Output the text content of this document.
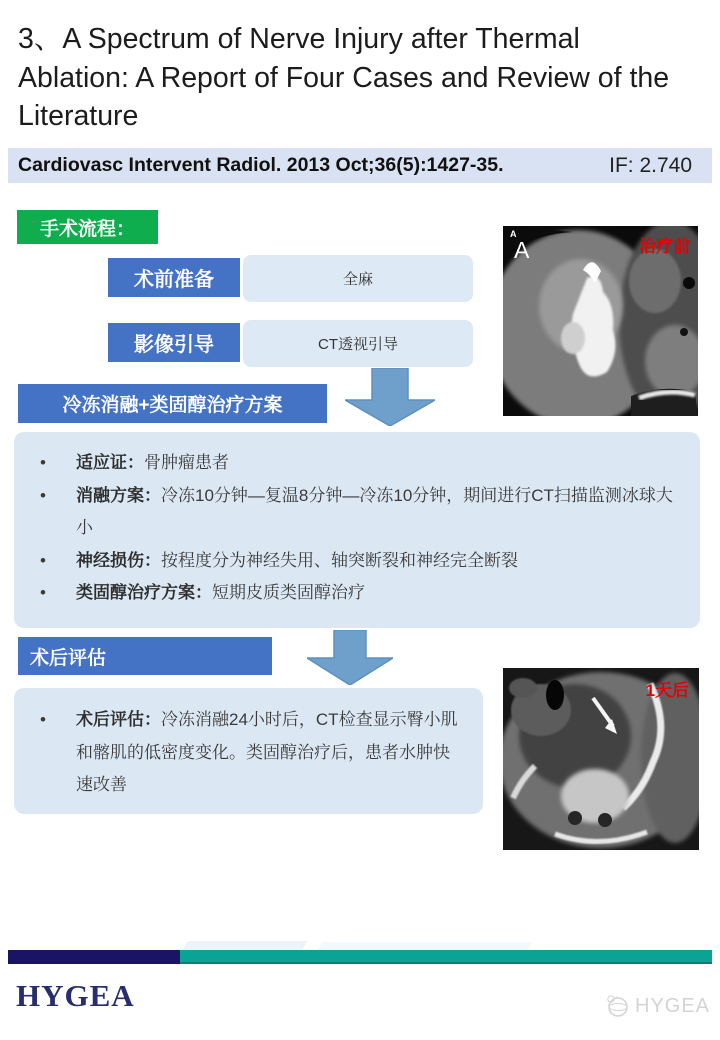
3、A Spectrum of Nerve Injury after Thermal Ablation: A Report of Four Cases and Review of the Literature
Cardiovasc Intervent Radiol. 2013 Oct;36(5):1427-35.	IF: 2.740
手术流程：
术前准备	全麻
影像引导	CT透视引导
冷冻消融+类固醇治疗方案
•	适应证：骨肿瘤患者
•	消融方案：冷冻10分钟—复温8分钟—冷冻10分钟，期间进行CT扫描监测冰球大小
•	神经损伤：按程度分为神经失用、轴突断裂和神经完全断裂
•	类固醇治疗方案：短期皮质类固醇治疗
术后评估
•	术后评估：冷冻消融24小时后，CT检查显示臀小肌和髂肌的低密度变化。类固醇治疗后，患者水肿快速改善
A
A	治疗前
1天后
HYGEA	HYGEA
